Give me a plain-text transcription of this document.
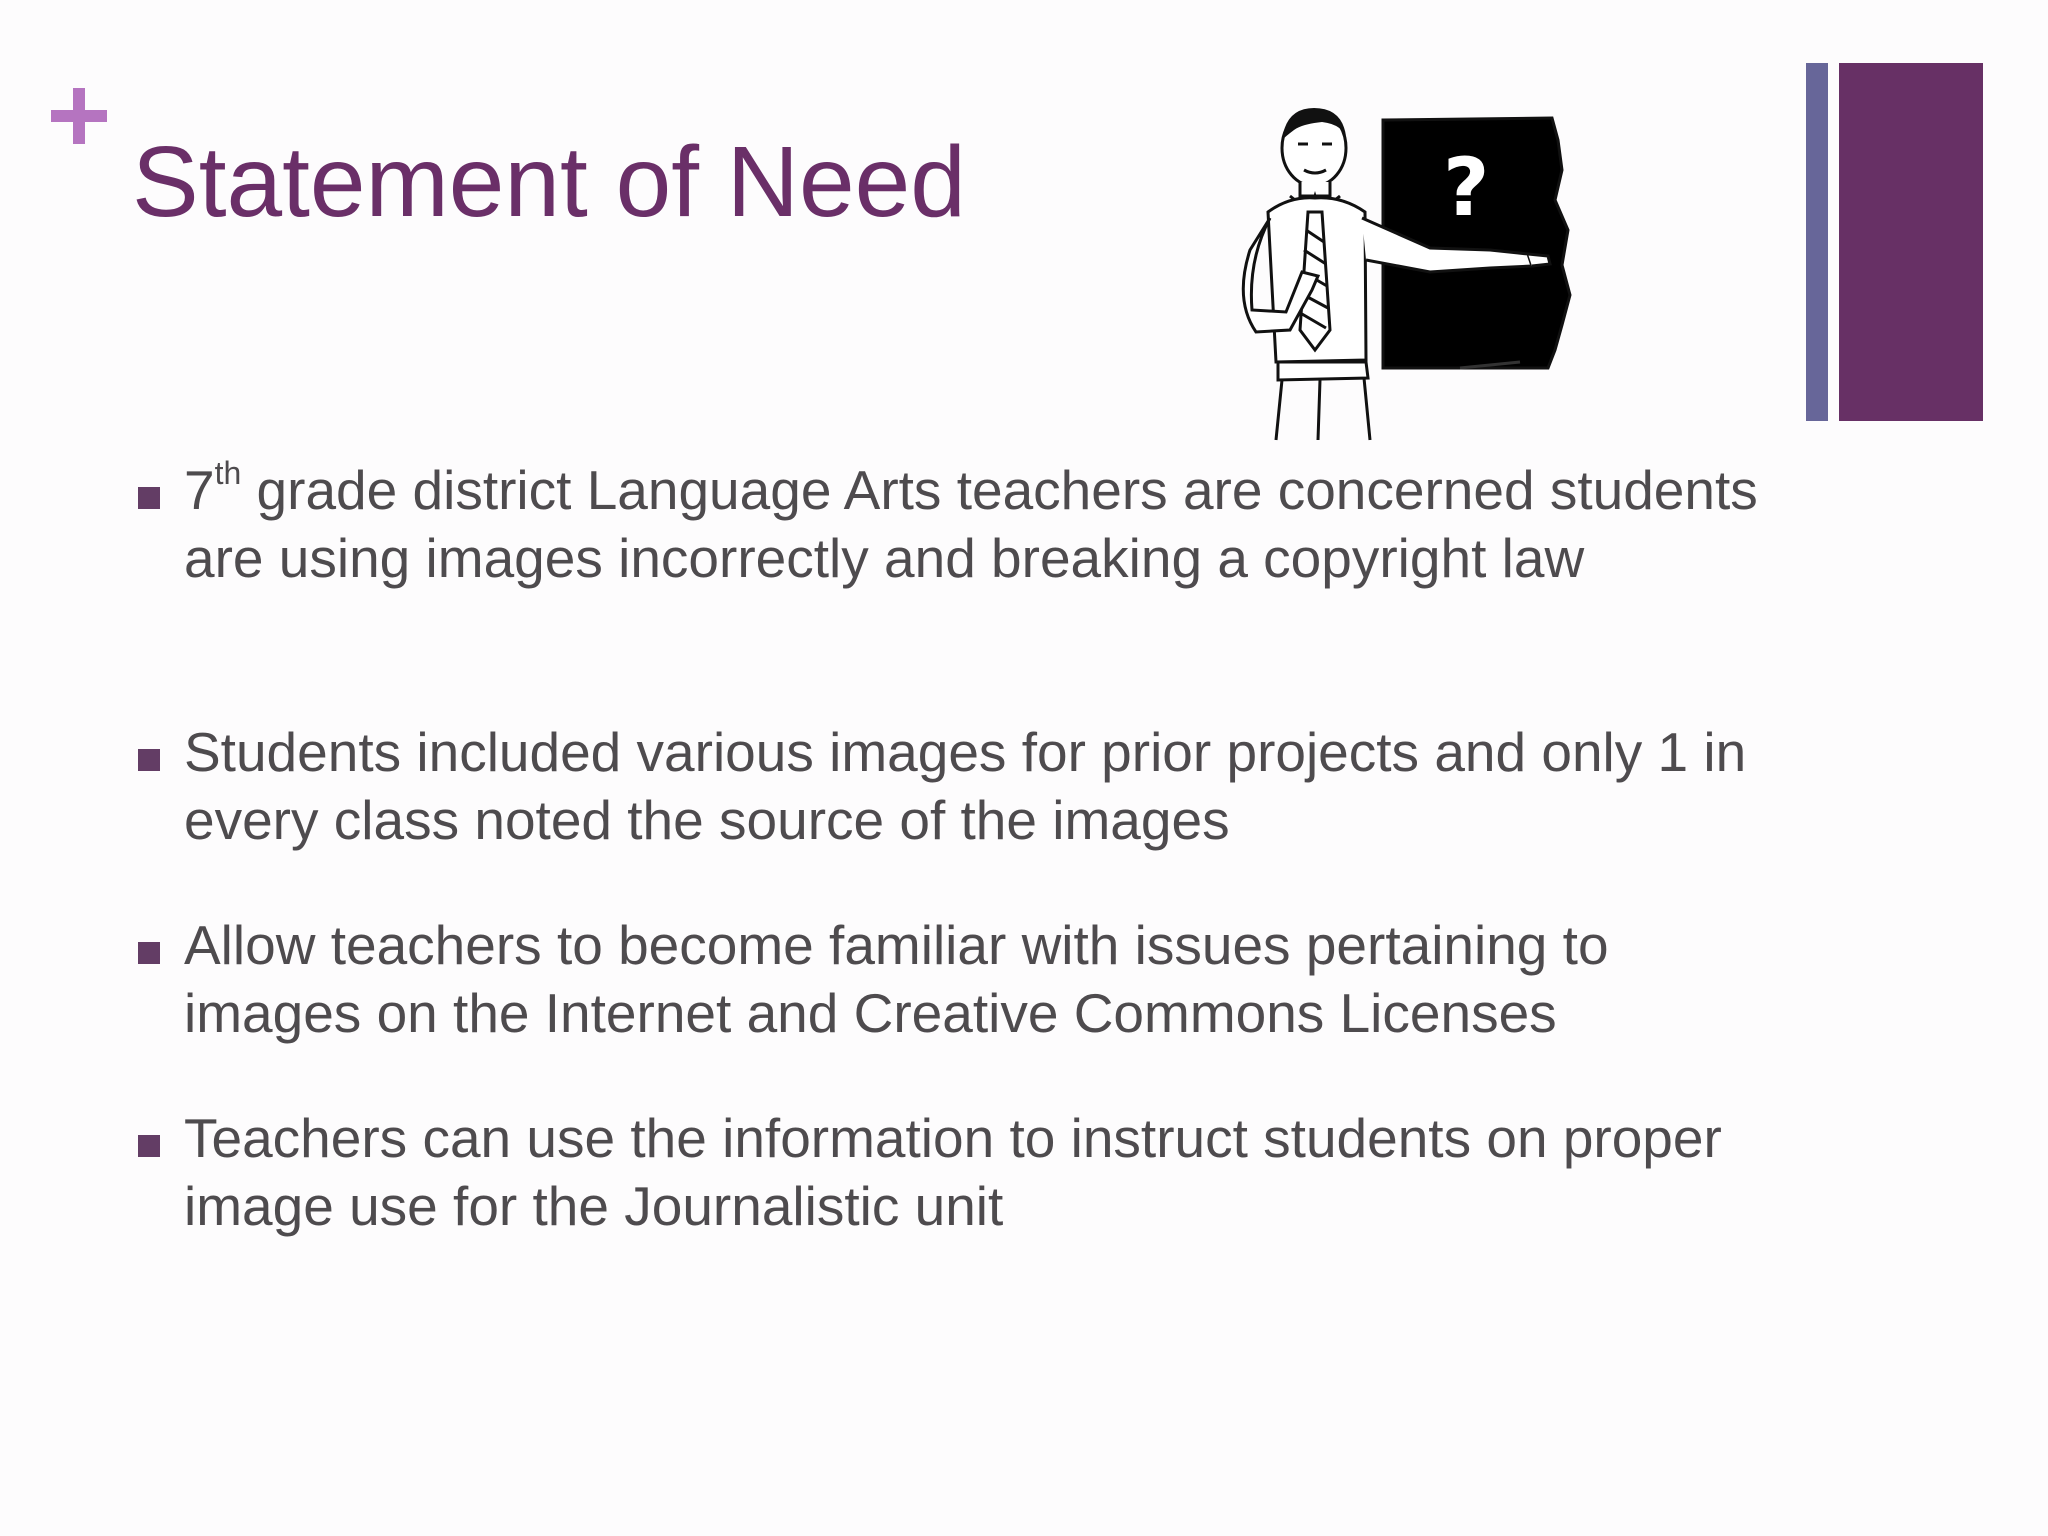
Statement of Need	?
7th grade district Language Arts teachers are concerned students are using images incorrectly and breaking a copyright law
Students included various images for prior projects and only 1 in every class noted the source of the images
Allow teachers to become familiar with issues pertaining to images on the Internet and Creative Commons Licenses
Teachers can use the information to instruct students on proper image use for the Journalistic unit
